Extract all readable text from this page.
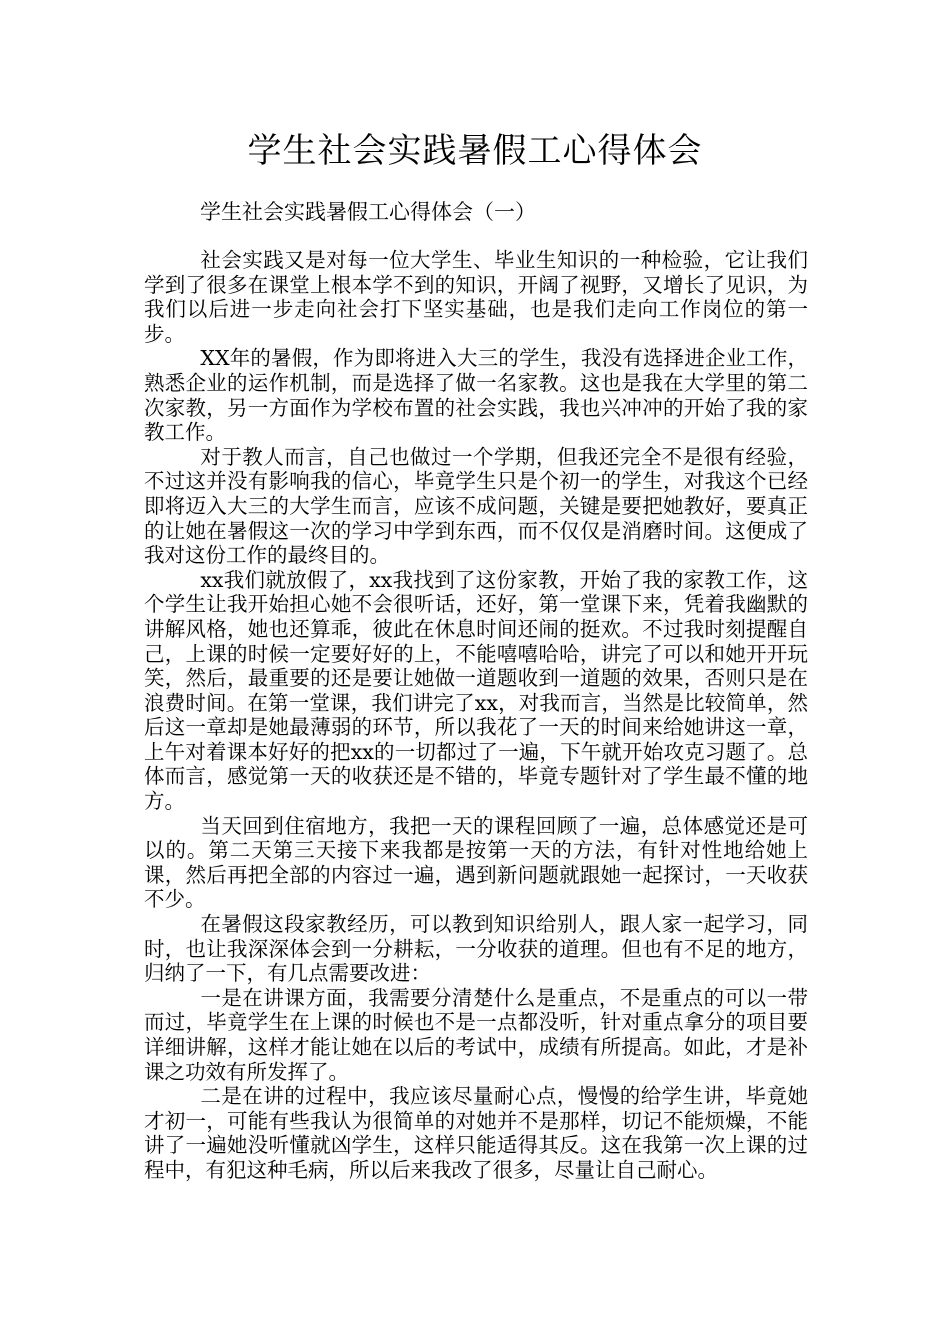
学生社会实践暑假工心得体会

学生社会实践暑假工心得体会（一）

社会实践又是对每一位大学生、毕业生知识的一种检验，它让我们学到了很多在课堂上根本学不到的知识，开阔了视野，又增长了见识，为我们以后进一步走向社会打下坚实基础，也是我们走向工作岗位的第一步。

XX年的暑假，作为即将进入大三的学生，我没有选择进企业工作，熟悉企业的运作机制，而是选择了做一名家教。这也是我在大学里的第二次家教，另一方面作为学校布置的社会实践，我也兴冲冲的开始了我的家教工作。

对于教人而言，自己也做过一个学期，但我还完全不是很有经验，不过这并没有影响我的信心，毕竟学生只是个初一的学生，对我这个已经即将迈入大三的大学生而言，应该不成问题，关键是要把她教好，要真正的让她在暑假这一次的学习中学到东西，而不仅仅是消磨时间。这便成了我对这份工作的最终目的。

xx我们就放假了，xx我找到了这份家教，开始了我的家教工作，这个学生让我开始担心她不会很听话，还好，第一堂课下来，凭着我幽默的讲解风格，她也还算乖，彼此在休息时间还闹的挺欢。不过我时刻提醒自己，上课的时候一定要好好的上，不能嘻嘻哈哈，讲完了可以和她开开玩笑，然后，最重要的还是要让她做一道题收到一道题的效果，否则只是在浪费时间。在第一堂课，我们讲完了xx，对我而言，当然是比较简单，然后这一章却是她最薄弱的环节，所以我花了一天的时间来给她讲这一章，上午对着课本好好的把xx的一切都过了一遍，下午就开始攻克习题了。总体而言，感觉第一天的收获还是不错的，毕竟专题针对了学生最不懂的地方。

当天回到住宿地方，我把一天的课程回顾了一遍，总体感觉还是可以的。第二天第三天接下来我都是按第一天的方法，有针对性地给她上课，然后再把全部的内容过一遍，遇到新问题就跟她一起探讨，一天收获不少。

在暑假这段家教经历，可以教到知识给别人，跟人家一起学习，同时，也让我深深体会到一分耕耘，一分收获的道理。但也有不足的地方，归纳了一下，有几点需要改进：

一是在讲课方面，我需要分清楚什么是重点，不是重点的可以一带而过，毕竟学生在上课的时候也不是一点都没听，针对重点拿分的项目要详细讲解，这样才能让她在以后的考试中，成绩有所提高。如此，才是补课之功效有所发挥了。

二是在讲的过程中，我应该尽量耐心点，慢慢的给学生讲，毕竟她才初一，可能有些我认为很简单的对她并不是那样，切记不能烦燥，不能讲了一遍她没听懂就凶学生，这样只能适得其反。这在我第一次上课的过程中，有犯这种毛病，所以后来我改了很多，尽量让自己耐心。
